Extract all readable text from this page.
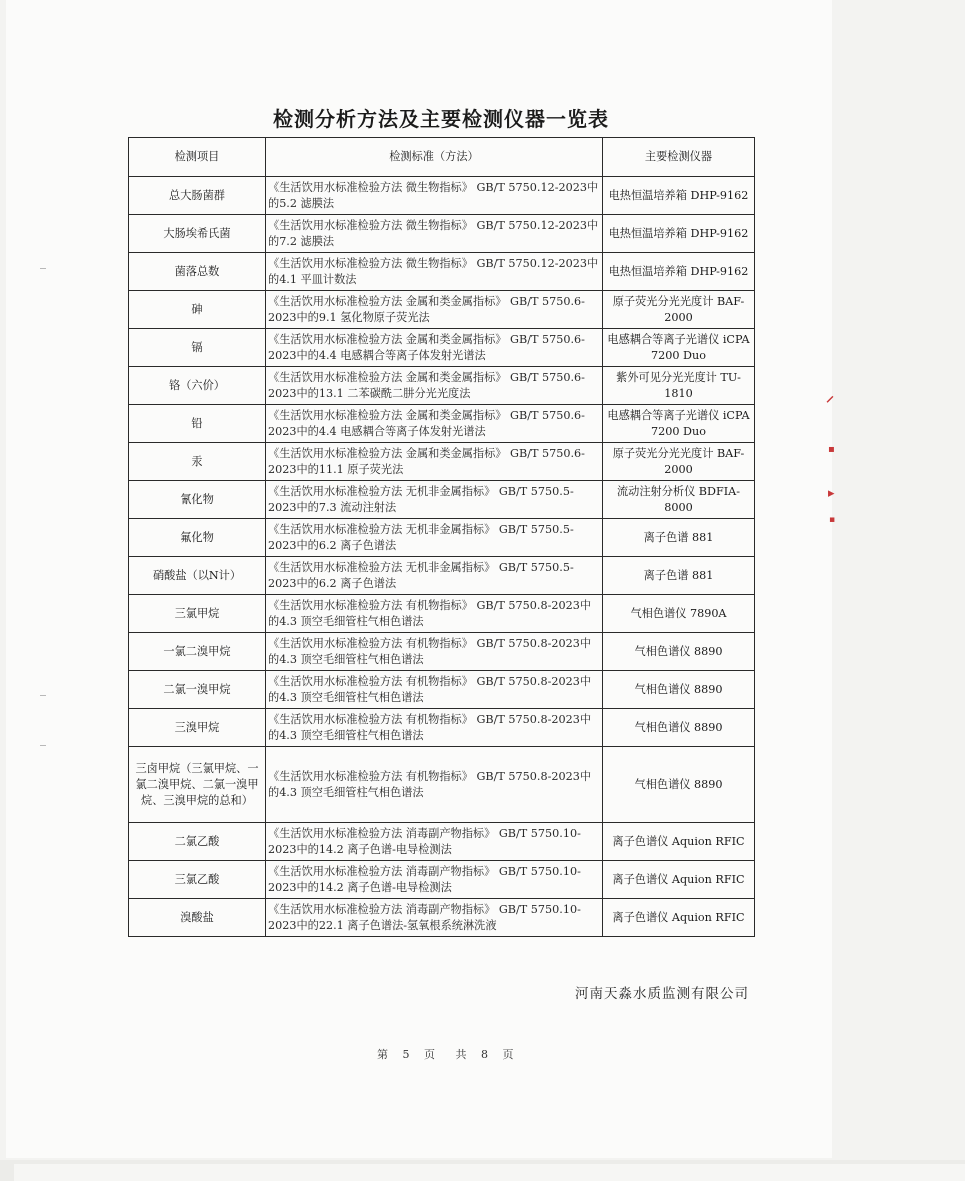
检测分析方法及主要检测仪器一览表
检测项目	检测标准（方法）	主要检测仪器
总大肠菌群	《生活饮用水标准检验方法 微生物指标》 GB/T 5750.12-2023中的5.2 滤膜法	电热恒温培养箱 DHP-9162
大肠埃希氏菌	《生活饮用水标准检验方法 微生物指标》 GB/T 5750.12-2023中的7.2 滤膜法	电热恒温培养箱 DHP-9162
菌落总数	《生活饮用水标准检验方法 微生物指标》 GB/T 5750.12-2023中的4.1 平皿计数法	电热恒温培养箱 DHP-9162
砷	《生活饮用水标准检验方法 金属和类金属指标》 GB/T 5750.6-2023中的9.1 氢化物原子荧光法	原子荧光分光光度计 BAF-2000
镉	《生活饮用水标准检验方法 金属和类金属指标》 GB/T 5750.6-2023中的4.4 电感耦合等离子体发射光谱法	电感耦合等离子光谱仪 iCPA 7200 Duo
铬（六价）	《生活饮用水标准检验方法 金属和类金属指标》 GB/T 5750.6-2023中的13.1 二苯碳酰二肼分光光度法	紫外可见分光光度计 TU-1810
铅	《生活饮用水标准检验方法 金属和类金属指标》 GB/T 5750.6-2023中的4.4 电感耦合等离子体发射光谱法	电感耦合等离子光谱仪 iCPA 7200 Duo
汞	《生活饮用水标准检验方法 金属和类金属指标》 GB/T 5750.6-2023中的11.1 原子荧光法	原子荧光分光光度计 BAF-2000
氰化物	《生活饮用水标准检验方法 无机非金属指标》 GB/T 5750.5-2023中的7.3 流动注射法	流动注射分析仪 BDFIA-8000
氟化物	《生活饮用水标准检验方法 无机非金属指标》 GB/T 5750.5-2023中的6.2 离子色谱法	离子色谱 881
硝酸盐（以N计）	《生活饮用水标准检验方法 无机非金属指标》 GB/T 5750.5-2023中的6.2 离子色谱法	离子色谱 881
三氯甲烷	《生活饮用水标准检验方法 有机物指标》 GB/T 5750.8-2023中的4.3 顶空毛细管柱气相色谱法	气相色谱仪 7890A
一氯二溴甲烷	《生活饮用水标准检验方法 有机物指标》 GB/T 5750.8-2023中的4.3 顶空毛细管柱气相色谱法	气相色谱仪 8890
二氯一溴甲烷	《生活饮用水标准检验方法 有机物指标》 GB/T 5750.8-2023中的4.3 顶空毛细管柱气相色谱法	气相色谱仪 8890
三溴甲烷	《生活饮用水标准检验方法 有机物指标》 GB/T 5750.8-2023中的4.3 顶空毛细管柱气相色谱法	气相色谱仪 8890
三卤甲烷（三氯甲烷、一氯二溴甲烷、二氯一溴甲烷、三溴甲烷的总和）	《生活饮用水标准检验方法 有机物指标》 GB/T 5750.8-2023中的4.3 顶空毛细管柱气相色谱法	气相色谱仪 8890
二氯乙酸	《生活饮用水标准检验方法 消毒副产物指标》 GB/T 5750.10-2023中的14.2 离子色谱-电导检测法	离子色谱仪 Aquion RFIC
三氯乙酸	《生活饮用水标准检验方法 消毒副产物指标》 GB/T 5750.10-2023中的14.2 离子色谱-电导检测法	离子色谱仪 Aquion RFIC
溴酸盐	《生活饮用水标准检验方法 消毒副产物指标》 GB/T 5750.10-2023中的22.1 离子色谱法-氢氧根系统淋洗液	离子色谱仪 Aquion RFIC
河南天淼水质监测有限公司
第 5 页 共 8 页
⸝
▪
▸
▪
